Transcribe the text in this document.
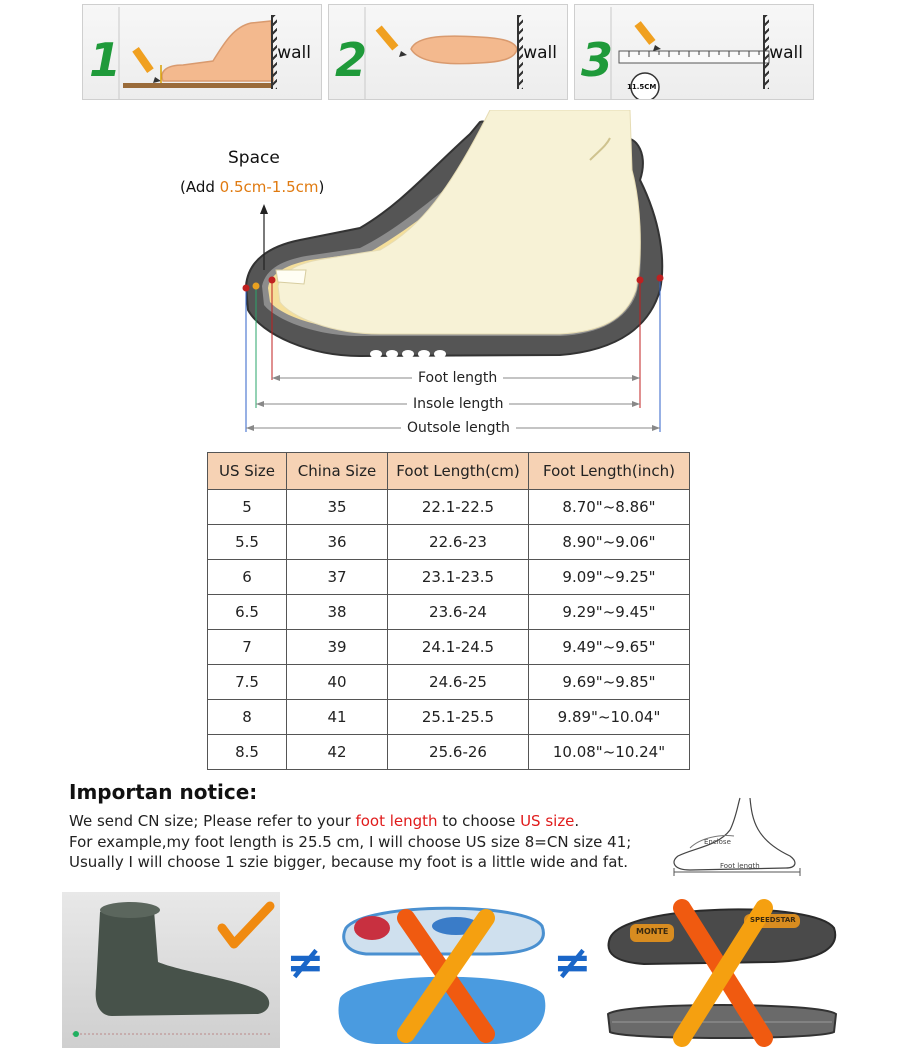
1	wall 2	wall 3 11.5CM
wall
Space
(Add 0.5cm-1.5cm)
Foot length
Insole length
Outsole length
US Size	China Size	Foot Length(cm)	Foot Length(inch)
5	35	22.1-22.5	8.70"~8.86"
5.5	36	22.6-23	8.90"~9.06"
6	37	23.1-23.5	9.09"~9.25"
6.5	38	23.6-24	9.29"~9.45"
7	39	24.1-24.5	9.49"~9.65"
7.5	40	24.6-25	9.69"~9.85"
8	41	25.1-25.5	9.89"~10.04"
8.5	42	25.6-26	10.08"~10.24"
Importan notice:
We send CN size; Please refer to your foot length to choose US size.
For example,my foot length is 25.5 cm, I will choose US size 8=CN size 41;
Usually I will choose 1 szie bigger, because my foot is a little wide and fat.
Enclose
Foot length
≠	≠
MONTE
SPEEDSTAR
